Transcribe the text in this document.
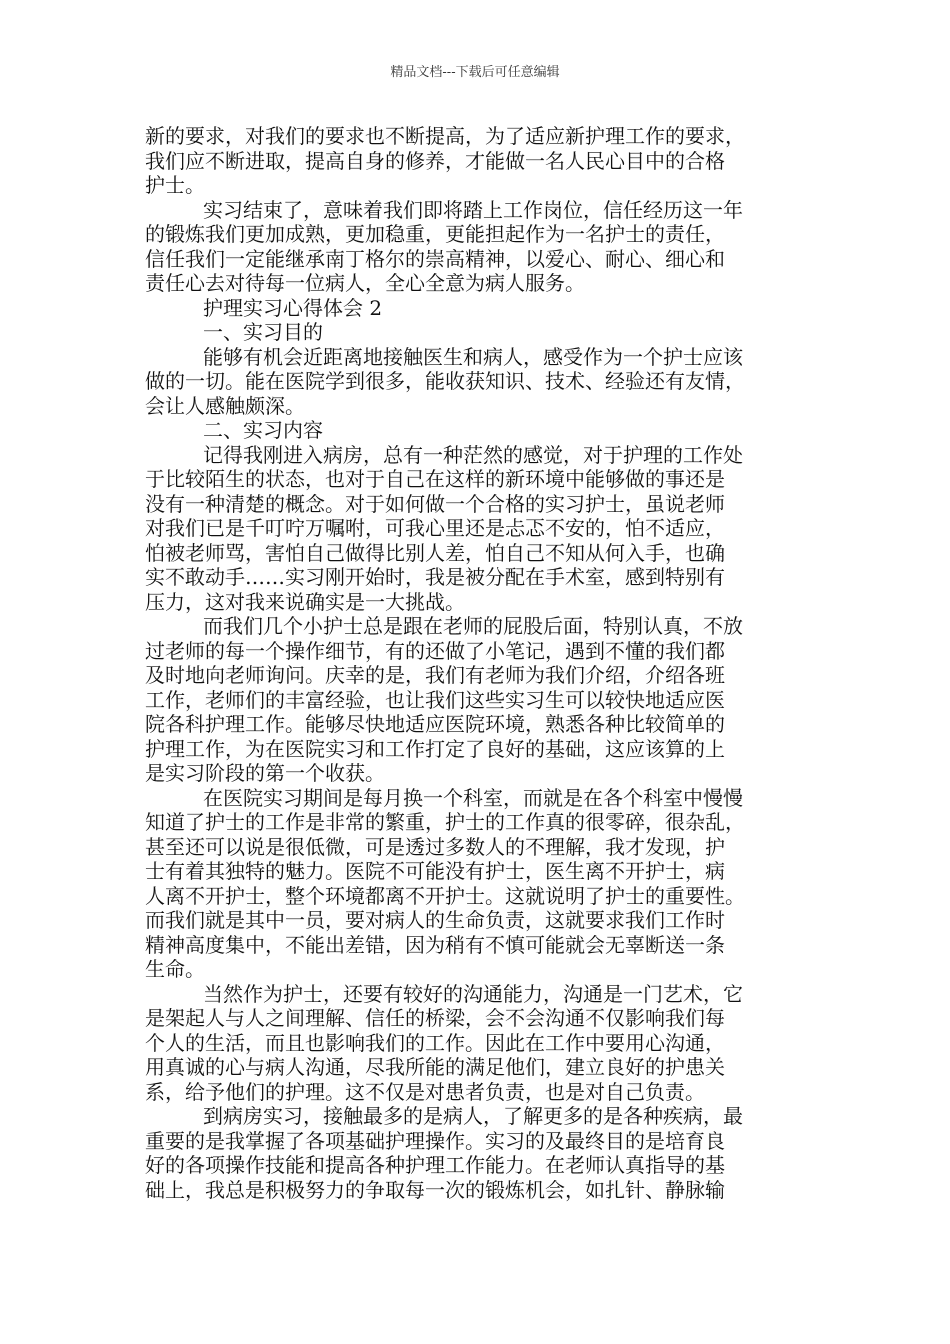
精品文档---下载后可任意编辑
新的要求，对我们的要求也不断提高，为了适应新护理工作的要求，
我们应不断进取，提高自身的修养，才能做一名人民心目中的合格
护士。
实习结束了，意味着我们即将踏上工作岗位，信任经历这一年
的锻炼我们更加成熟，更加稳重，更能担起作为一名护士的责任，
信任我们一定能继承南丁格尔的崇高精神，以爱心、耐心、细心和
责任心去对待每一位病人，全心全意为病人服务。
护理实习心得体会 2
一、实习目的
能够有机会近距离地接触医生和病人，感受作为一个护士应该
做的一切。能在医院学到很多，能收获知识、技术、经验还有友情，
会让人感触颇深。
二、实习内容
记得我刚进入病房，总有一种茫然的感觉，对于护理的工作处
于比较陌生的状态，也对于自己在这样的新环境中能够做的事还是
没有一种清楚的概念。对于如何做一个合格的实习护士，虽说老师
对我们已是千叮咛万嘱咐，可我心里还是忐忑不安的，怕不适应，
怕被老师骂，害怕自己做得比别人差，怕自己不知从何入手，也确
实不敢动手……实习刚开始时，我是被分配在手术室，感到特别有
压力，这对我来说确实是一大挑战。
而我们几个小护士总是跟在老师的屁股后面，特别认真，不放
过老师的每一个操作细节，有的还做了小笔记，遇到不懂的我们都
及时地向老师询问。庆幸的是，我们有老师为我们介绍，介绍各班
工作，老师们的丰富经验，也让我们这些实习生可以较快地适应医
院各科护理工作。能够尽快地适应医院环境，熟悉各种比较简单的
护理工作，为在医院实习和工作打定了良好的基础，这应该算的上
是实习阶段的第一个收获。
在医院实习期间是每月换一个科室，而就是在各个科室中慢慢
知道了护士的工作是非常的繁重，护士的工作真的很零碎，很杂乱，
甚至还可以说是很低微，可是透过多数人的不理解，我才发现，护
士有着其独特的魅力。医院不可能没有护士，医生离不开护士，病
人离不开护士，整个环境都离不开护士。这就说明了护士的重要性。
而我们就是其中一员，要对病人的生命负责，这就要求我们工作时
精神高度集中，不能出差错，因为稍有不慎可能就会无辜断送一条
生命。
当然作为护士，还要有较好的沟通能力，沟通是一门艺术，它
是架起人与人之间理解、信任的桥梁，会不会沟通不仅影响我们每
个人的生活，而且也影响我们的工作。因此在工作中要用心沟通，
用真诚的心与病人沟通，尽我所能的满足他们，建立良好的护患关
系，给予他们的护理。这不仅是对患者负责，也是对自己负责。
到病房实习，接触最多的是病人，了解更多的是各种疾病，最
重要的是我掌握了各项基础护理操作。实习的及最终目的是培育良
好的各项操作技能和提高各种护理工作能力。在老师认真指导的基
础上，我总是积极努力的争取每一次的锻炼机会，如扎针、静脉输
